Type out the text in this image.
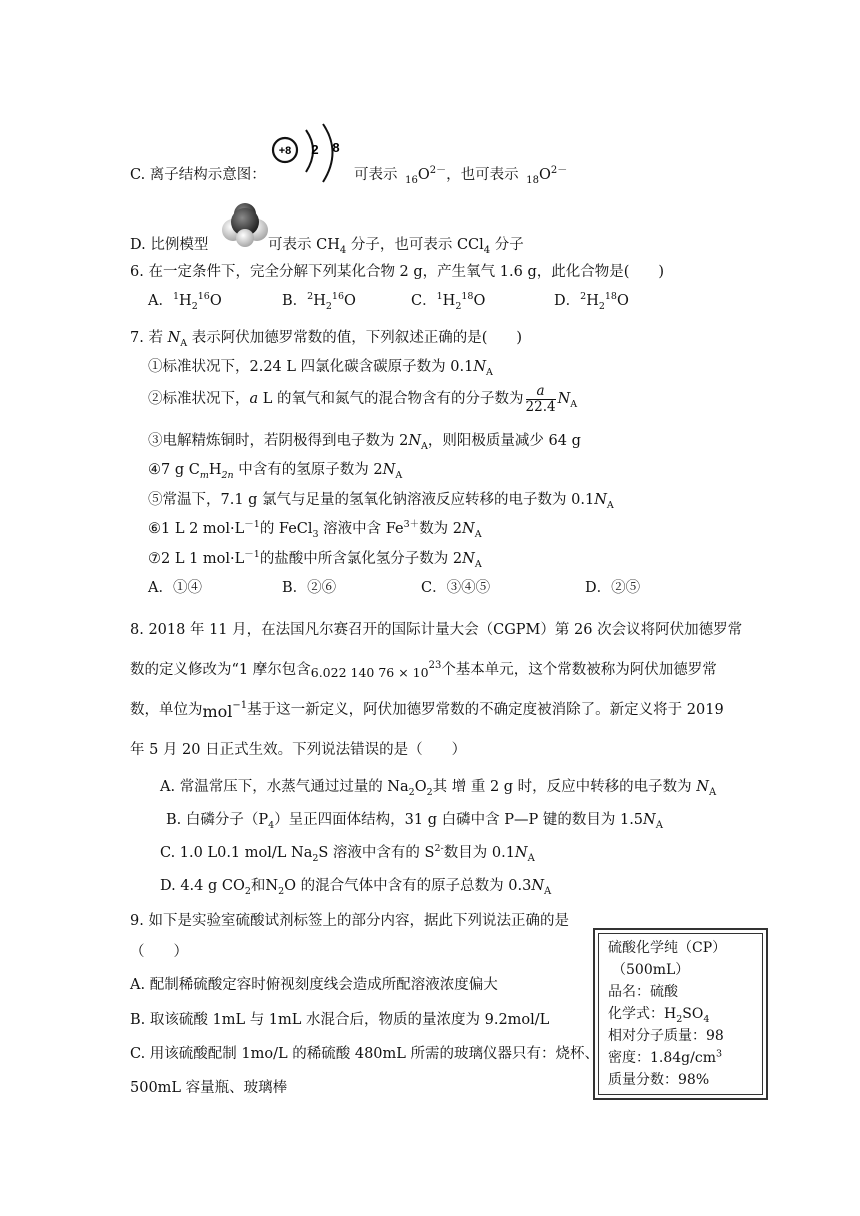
C. 离子结构示意图：
+8 2 8
可表示 $_{16}O^{2-}$，也可表示 $_{18}O^{2-}$
D. 比例模型	可表示 $CH_4$ 分子，也可表示 CCl$_4$ 分子
6. 在一定条件下，完全分解下列某化合物 2 g，产生氧气 1.6 g，此化合物是(　　)
A．$^1H_2^{16}O$	B．$^2H_2^{16}O$	C．$^1H_2^{18}O$	D．$^2H_2^{18}O$
7. 若 $N_A$ 表示阿伏加德罗常数的值，下列叙述正确的是(　　)
①标准状况下，2.24 L 四氯化碳含碳原子数为 $0.1N_A$
②标准状况下，a L 的氧气和氮气的混合物含有的分子数为 $\frac{a}{22.4} N_A$
③电解精炼铜时，若阴极得到电子数为 $2N_A$，则阳极质量减少 64 g
④7 g $C_mH_{2n}$ 中含有的氢原子数为 $2N_A$
⑤常温下，7.1 g 氯气与足量的氢氧化钠溶液反应转移的电子数为 $0.1N_A$
⑥1 L 2 $mol\cdot L^{-1}$的 FeCl$_3$ 溶液中含 $Fe^{3+}$数为 $2N_A$
⑦2 L 1 $mol\cdot L^{-1}$的盐酸中所含氯化氢分子数为 $2N_A$
A．①④	B．②⑥	C．③④⑤	D．②⑤
8. 2018 年 11 月，在法国凡尔赛召开的国际计量大会（CGPM）第 26 次会议将阿伏加德罗常
数的定义修改为“1 摩尔包含6.022 140 $76 \times 10^{23}$个基本单元，这个常数被称为阿伏加德罗常
数，单位为mol$^{-1}$基于这一新定义，阿伏加德罗常数的不确定度被消除了。新定义将于 2019
年 5 月 20 日正式生效。下列说法错误的是（　　）
A. 常温常压下，水蒸气通过过量的 $Na_2O_2$其 增 重 2 g 时，反应中转移的电子数为 $N_A$
B. 白磷分子$(P_4)$呈正四面体结构，31 g 白磷中含 P—P 键的数目为 $1.5N_A$
C. 1.0 L0.1 mol/L $Na_2S$ 溶液中含有的 $S^{2-}$数目为 $0.1N_A$
D. 4.4 g $CO_2$和$N_2O$ 的混合气体中含有的原子总数为 $0.3N_A$
9. 如下是实验室硫酸试剂标签上的部分内容，据此下列说法正确的是
（　　）
A. 配制稀硫酸定容时俯视刻度线会造成所配溶液浓度偏大
B. 取该硫酸 1mL 与 1mL 水混合后，物质的量浓度为 9.2mol/L
C. 用该硫酸配制 1mo/L 的稀硫酸 480mL 所需的玻璃仪器只有：烧杯、
500mL 容量瓶、玻璃棒
硫酸化学纯（CP）
（500mL）
品名：硫酸
化学式：$H_2SO_4$
相对分子质量：98
密度：$1.84g/cm^3$
质量分数：98%
